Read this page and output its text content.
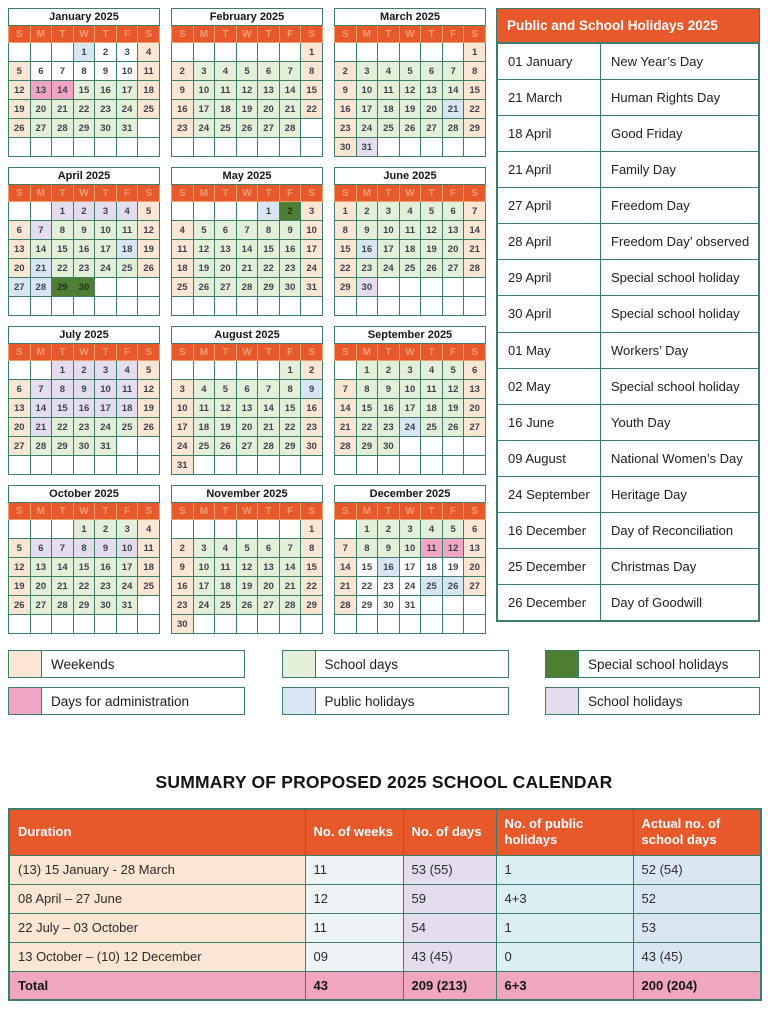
January 2025						
S	M	T	W	T	F	S
			1	2	3	4
5	6	7	8	9	10	11
12	13	14	15	16	17	18
19	20	21	22	23	24	25
26	27	28	29	30	31	

February 2025						
S	M	T	W	T	F	S
						1
2	3	4	5	6	7	8
9	10	11	12	13	14	15
16	17	18	19	20	21	22
23	24	25	26	27	28	

March 2025						
S	M	T	W	T	F	S
						1
2	3	4	5	6	7	8
9	10	11	12	13	14	15
16	17	18	19	20	21	22
23	24	25	26	27	28	29
30	31					
April 2025						
S	M	T	W	T	F	S
		1	2	3	4	5
6	7	8	9	10	11	12
13	14	15	16	17	18	19
20	21	22	23	24	25	26
27	28	29	30			

May 2025						
S	M	T	W	T	F	S
				1	2	3
4	5	6	7	8	9	10
11	12	13	14	15	16	17
18	19	20	21	22	23	24
25	26	27	28	29	30	31

June 2025						
S	M	T	W	T	F	S
1	2	3	4	5	6	7
8	9	10	11	12	13	14
15	16	17	18	19	20	21
22	23	24	25	26	27	28
29	30					

July 2025						
S	M	T	W	T	F	S
		1	2	3	4	5
6	7	8	9	10	11	12
13	14	15	16	17	18	19
20	21	22	23	24	25	26
27	28	29	30	31		

August 2025						
S	M	T	W	T	F	S
					1	2
3	4	5	6	7	8	9
10	11	12	13	14	15	16
17	18	19	20	21	22	23
24	25	26	27	28	29	30
31						
September 2025						
S	M	T	W	T	F	S
	1	2	3	4	5	6
7	8	9	10	11	12	13
14	15	16	17	18	19	20
21	22	23	24	25	26	27
28	29	30				

October 2025						
S	M	T	W	T	F	S
			1	2	3	4
5	6	7	8	9	10	11
12	13	14	15	16	17	18
19	20	21	22	23	24	25
26	27	28	29	30	31	

November 2025						
S	M	T	W	T	F	S
						1
2	3	4	5	6	7	8
9	10	11	12	13	14	15
16	17	18	19	20	21	22
23	24	25	26	27	28	29
30						
December 2025						
S	M	T	W	T	F	S
	1	2	3	4	5	6
7	8	9	10	11	12	13
14	15	16	17	18	19	20
21	22	23	24	25	26	27
28	29	30	31			

Public and School Holidays 2025
01 January	New Year’s Day
21 March	Human Rights Day
18 April	Good Friday
21 April	Family Day
27 April	Freedom Day
28 April	Freedom Day’ observed
29 April	Special school holiday
30 April	Special school holiday
01 May	Workers’ Day
02 May	Special school holiday
16 June	Youth Day
09 August	National Women’s Day
24 September	Heritage Day
16 December	Day of Reconciliation
25 December	Christmas Day
26 December	Day of Goodwill
Weekends	School days	Special school holidays
Days for administration	Public holidays	School holidays
SUMMARY OF PROPOSED 2025 SCHOOL CALENDAR
Duration	No. of weeks	No. of days	No. of public holidays	Actual no. of school days
(13) 15 January - 28 March	11	53 (55)	1	52 (54)
08 April – 27 June	12	59	4+3	52
22 July – 03 October	11	54	1	53
13 October – (10) 12 December	09	43 (45)	0	43 (45)
Total	43	209 (213)	6+3	200 (204)
